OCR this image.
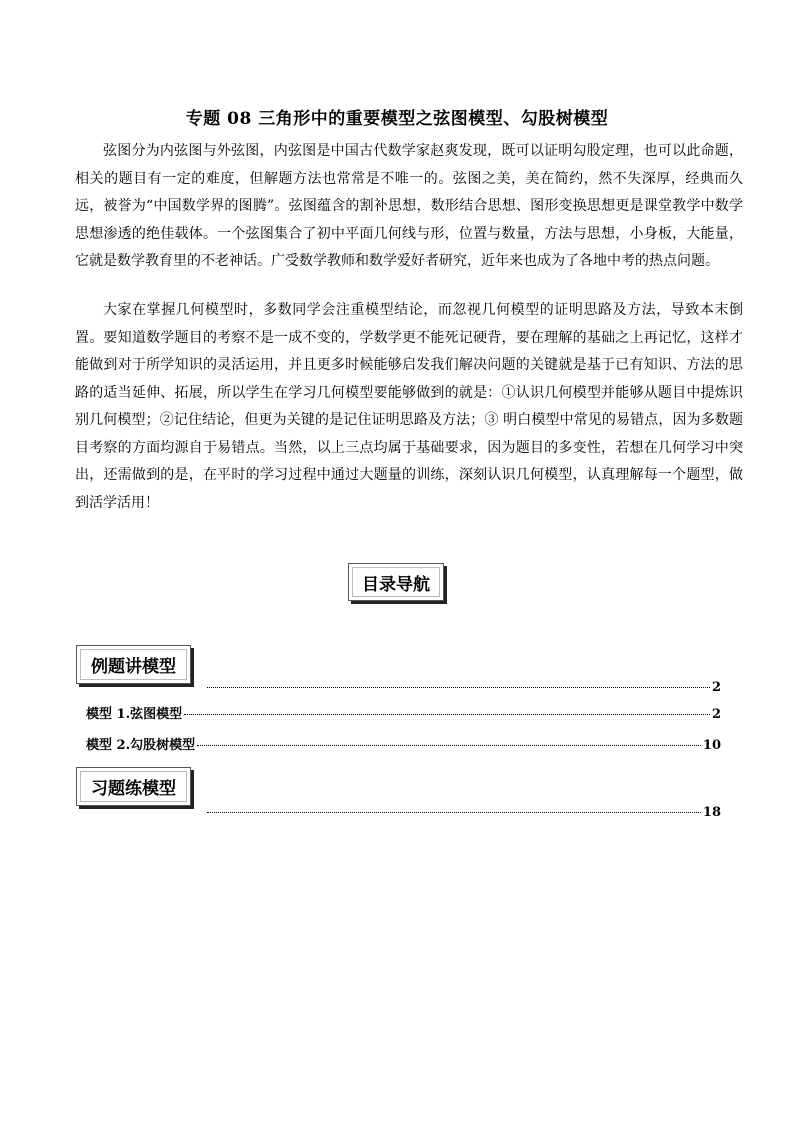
专题 08 三角形中的重要模型之弦图模型、勾股树模型
弦图分为内弦图与外弦图，内弦图是中国古代数学家赵爽发现，既可以证明勾股定理，也可以此命题，相关的题目有一定的难度，但解题方法也常常是不唯一的。弦图之美，美在简约，然不失深厚，经典而久远，被誉为“中国数学界的图腾”。弦图蕴含的割补思想，数形结合思想、图形变换思想更是课堂教学中数学思想渗透的绝佳载体。一个弦图集合了初中平面几何线与形，位置与数量，方法与思想，小身板，大能量，它就是数学教育里的不老神话。广受数学教师和数学爱好者研究，近年来也成为了各地中考的热点问题。
大家在掌握几何模型时，多数同学会注重模型结论，而忽视几何模型的证明思路及方法，导致本末倒置。要知道数学题目的考察不是一成不变的，学数学更不能死记硬背，要在理解的基础之上再记忆，这样才能做到对于所学知识的灵活运用，并且更多时候能够启发我们解决问题的关键就是基于已有知识、方法的思路的适当延伸、拓展，所以学生在学习几何模型要能够做到的就是：①认识几何模型并能够从题目中提炼识别几何模型；②记住结论，但更为关键的是记住证明思路及方法；③ 明白模型中常见的易错点，因为多数题目考察的方面均源自于易错点。当然，以上三点均属于基础要求，因为题目的多变性，若想在几何学习中突出，还需做到的是，在平时的学习过程中通过大题量的训练，深刻认识几何模型，认真理解每一个题型，做到活学活用！
目录导航
例题讲模型
2
模型 1.弦图模型	2
模型 2.勾股树模型	10
习题练模型
18
